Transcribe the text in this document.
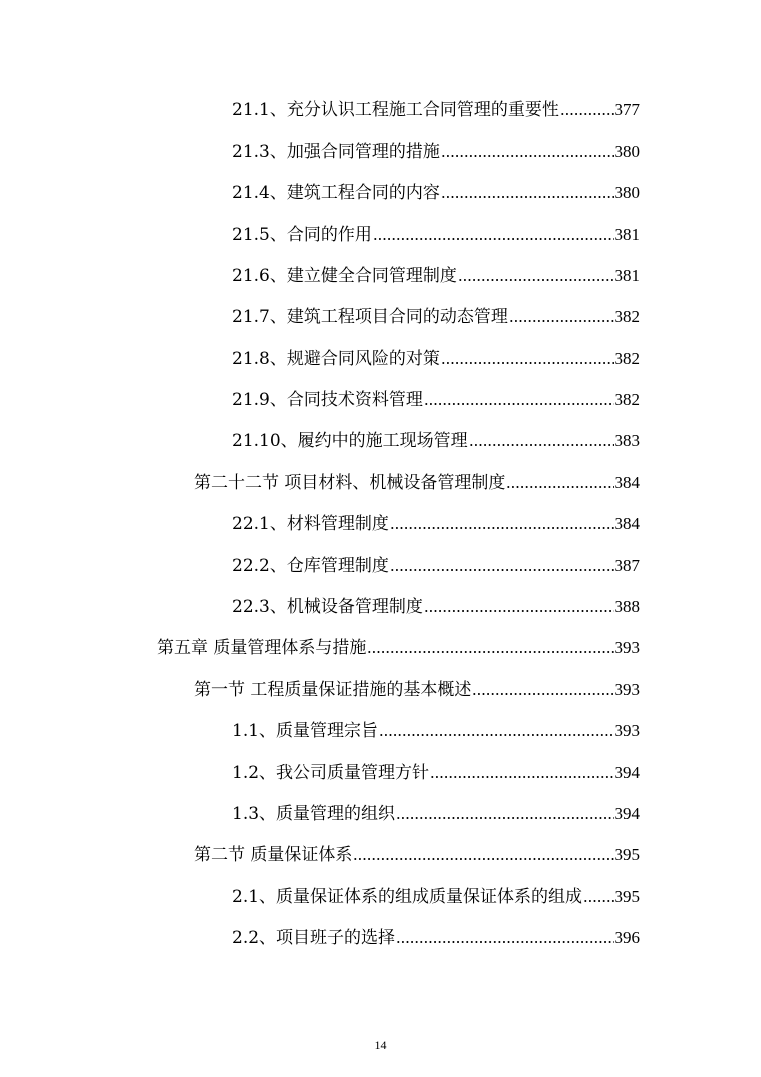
21.1、充分认识工程施工合同管理的重要性	377
21.3、加强合同管理的措施	380
21.4、建筑工程合同的内容	380
21.5、合同的作用	381
21.6、建立健全合同管理制度	381
21.7、建筑工程项目合同的动态管理	382
21.8、规避合同风险的对策	382
21.9、合同技术资料管理	382
21.10、履约中的施工现场管理	383
第二十二节 项目材料、机械设备管理制度	384
22.1、材料管理制度	384
22.2、仓库管理制度	387
22.3、机械设备管理制度	388
第五章 质量管理体系与措施	393
第一节 工程质量保证措施的基本概述	393
1.1、质量管理宗旨	393
1.2、我公司质量管理方针	394
1.3、质量管理的组织	394
第二节 质量保证体系	395
2.1、质量保证体系的组成质量保证体系的组成 395
2.2、项目班子的选择	396
14
